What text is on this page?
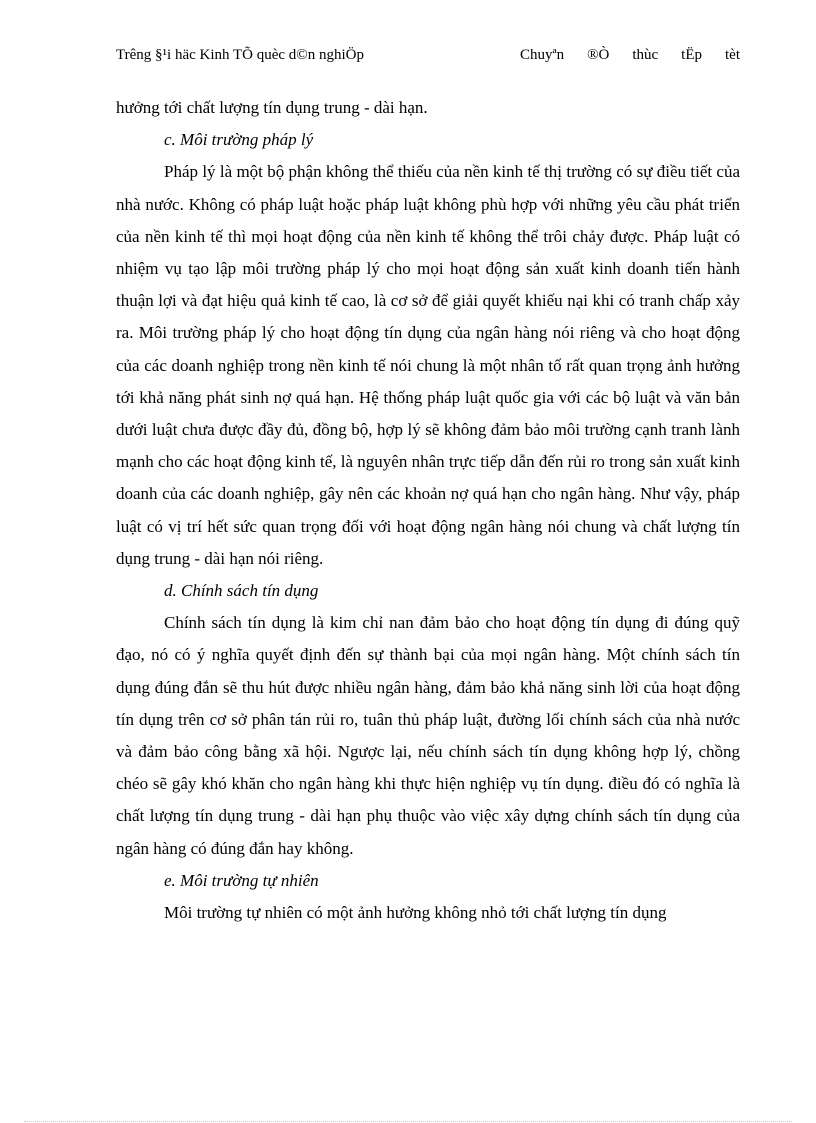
Trêng §¹i häc Kinh TÕ quèc d©n nghiÖp	Chuyªn ®Ò thùc tËp tèt

hưởng tới chất lượng tín dụng trung - dài hạn.

c. Môi trường pháp lý

Pháp lý là một bộ phận không thể thiếu của nền kinh tế thị trường có sự điều tiết của nhà nước. Không có pháp luật hoặc pháp luật không phù hợp với những yêu cầu phát triển của nền kinh tế thì mọi hoạt động của nền kinh tế không thể trôi chảy được. Pháp luật có nhiệm vụ tạo lập môi trường pháp lý cho mọi hoạt động sản xuất kinh doanh tiến hành thuận lợi và đạt hiệu quả kinh tế cao, là cơ sở để giải quyết khiếu nại khi có tranh chấp xảy ra. Môi trường pháp lý cho hoạt động tín dụng của ngân hàng nói riêng và cho hoạt động của các doanh nghiệp trong nền kinh tế nói chung là một nhân tố rất quan trọng ảnh hưởng tới khả năng phát sinh nợ quá hạn. Hệ thống pháp luật quốc gia với các bộ luật và văn bản dưới luật chưa được đầy đủ, đồng bộ, hợp lý sẽ không đảm bảo môi trường cạnh tranh lành mạnh cho các hoạt động kinh tế, là nguyên nhân trực tiếp dẫn đến rủi ro trong sản xuất kinh doanh của các doanh nghiệp, gây nên các khoản nợ quá hạn cho ngân hàng. Như vậy, pháp luật có vị trí hết sức quan trọng đối với hoạt động ngân hàng nói chung và chất lượng tín dụng trung - dài hạn nói riêng.

d. Chính sách tín dụng

Chính sách tín dụng là kim chỉ nan đảm bảo cho hoạt động tín dụng đi đúng quỹ đạo, nó có ý nghĩa quyết định đến sự thành bại của mọi ngân hàng. Một chính sách tín dụng đúng đắn sẽ thu hút được nhiều ngân hàng, đảm bảo khả năng sinh lời của hoạt động tín dụng trên cơ sở phân tán rủi ro, tuân thủ pháp luật, đường lối chính sách của nhà nước và đảm bảo công bằng xã hội. Ngược lại, nếu chính sách tín dụng không hợp lý, chồng chéo sẽ gây khó khăn cho ngân hàng khi thực hiện nghiệp vụ tín dụng. điều đó có nghĩa là chất lượng tín dụng trung - dài hạn phụ thuộc vào việc xây dựng chính sách tín dụng của ngân hàng có đúng đắn hay không.

e. Môi trường tự nhiên

Môi trường tự nhiên có một ảnh hưởng không nhỏ tới chất lượng tín dụng
